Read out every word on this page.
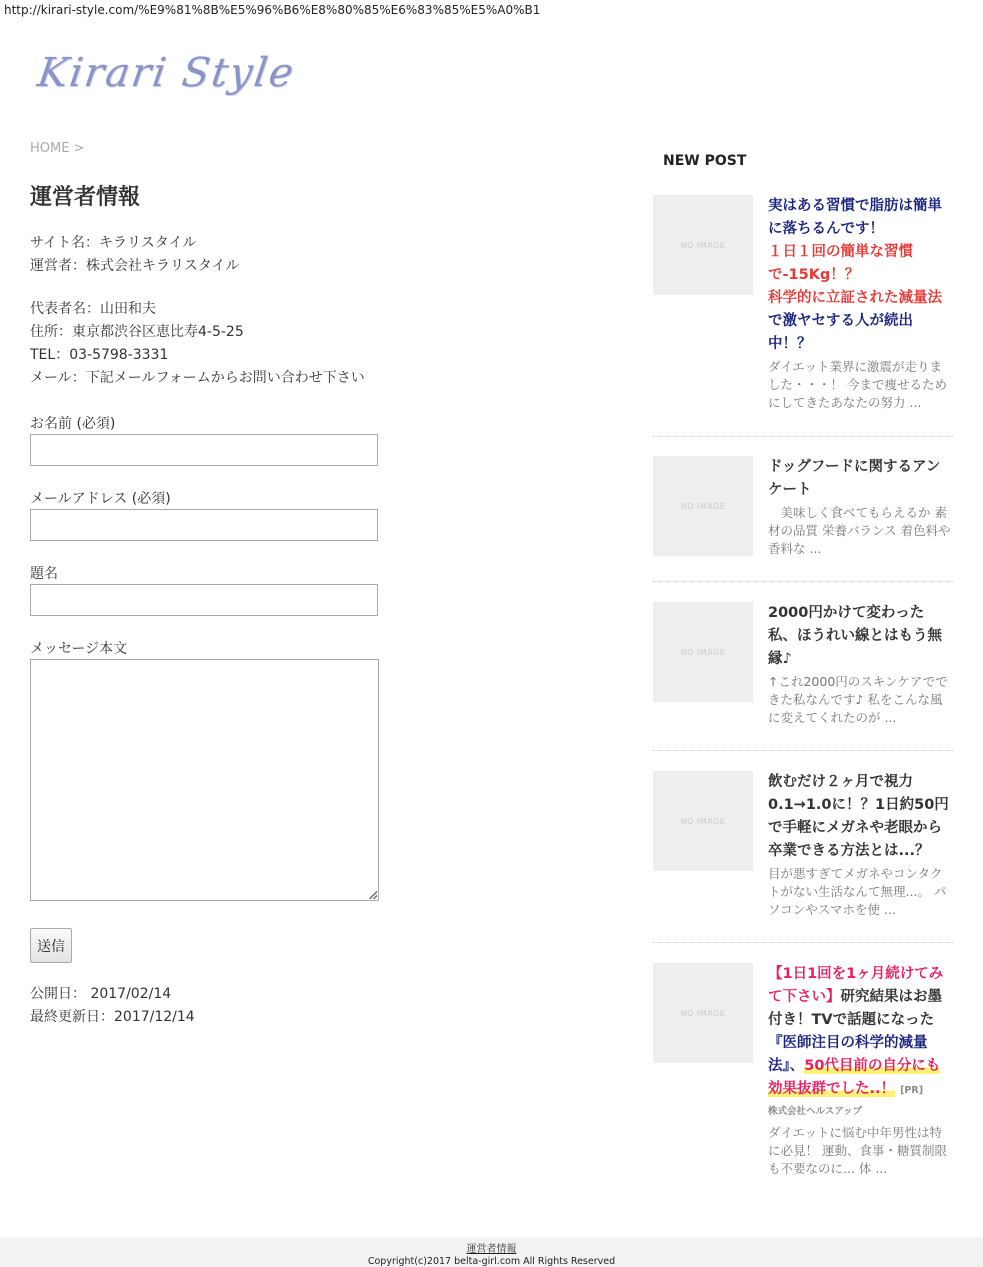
http://kirari-style.com/%E9%81%8B%E5%96%B6%E8%80%85%E6%83%85%E5%A0%B1
Kirari Style
HOME >
運営者情報
サイト名：キラリスタイル
運営者：株式会社キラリスタイル
代表者名：山田和夫
住所：東京都渋谷区恵比寿4-5-25
TEL：03-5798-3331
メール：下記メールフォームからお問い合わせ下さい
お名前 (必須)
メールアドレス (必須)
題名
メッセージ本文
送信
公開日： 2017/02/14
最終更新日：2017/12/14
NEW POST
NO IMAGE
実はある習慣で脂肪は簡単に落ちるんです！
１日１回の簡単な習慣で-15Kg！？
科学的に立証された減量法
で激ヤセする人が続出中！？
ダイエット業界に激震が走りました・・・！ 今まで痩せるためにしてきたあなたの努力 ...
NO IMAGE
ドッグフードに関するアンケート
　美味しく食べてもらえるか 素材の品質 栄養バランス 着色料や香料な ...
NO IMAGE
2000円かけて変わった私、ほうれい線とはもう無縁♪
↑これ2000円のスキンケアでできた私なんです♪ 私をこんな風に変えてくれたのが ...
NO IMAGE
飲むだけ２ヶ月で視力0.1→1.0に！？1日約50円で手軽にメガネや老眼から卒業できる方法とは...？
目が悪すぎてメガネやコンタクトがない生活なんて無理...。 パソコンやスマホを使 ...
NO IMAGE
【1日1回を1ヶ月続けてみて下さい】研究結果はお墨付き！TVで話題になった『医師注目の科学的減量法』、50代目前の自分にも効果抜群でした..！ [PR]
株式会社ヘルスアップ
ダイエットに悩む中年男性は特に必見！ 運動、食事・糖質制限も不要なのに... 体 ...
運営者情報
Copyright(c)2017 belta-girl.com All Rights Reserved
